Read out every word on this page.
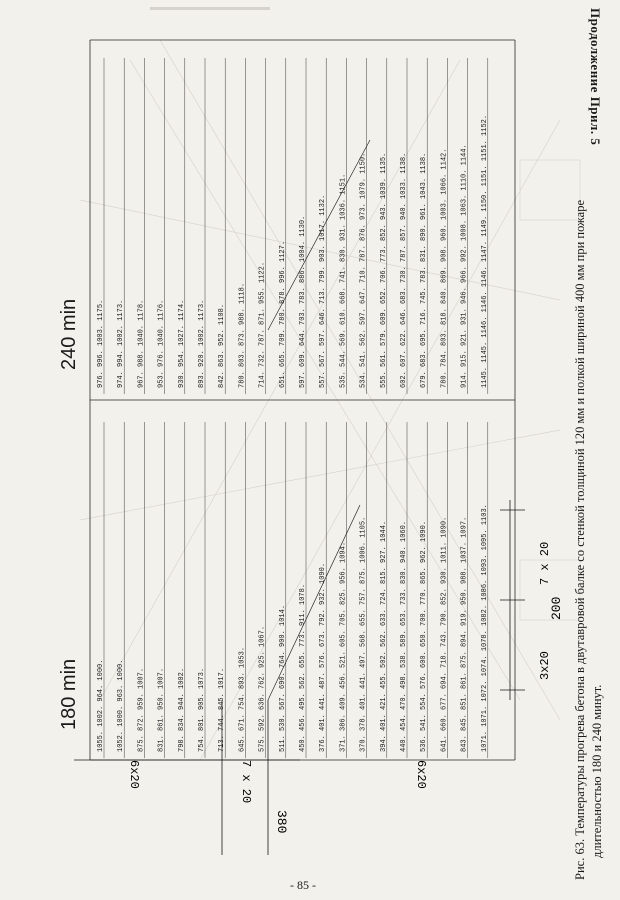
Продолжение Прил. 5
1055. 1002. 964. 1000. 1052. 1000. 963. 1000. 875. 872. 959. 1007. 831. 861. 950. 1007. 798. 834. 944. 1002. 754. 801. 905. 1073. 713. 744. 845. 1017. 645. 671. 754. 893. 1053. 575. 592. 636. 762. 925. 1067. 511. 530. 567. 690. 764. 900. 1014. 450. 456. 495. 562. 655. 773. 911. 1078. 376. 401. 441. 487. 576. 673. 792. 932. 1090. 371. 386. 409. 456. 521. 605. 705. 825. 956. 1094. 370. 378. 401. 441. 497. 568. 655. 757. 875. 1006. 1105. 394. 401. 421. 455. 502. 562. 633. 724. 815. 927. 1044. 440. 454. 470. 498. 538. 589. 653. 733. 830. 940. 1060. 536. 541. 554. 576. 600. 650. 700. 770. 865. 962. 1090. 641. 660. 677. 694. 718. 743. 790. 852. 930. 1011. 1090. 843. 845. 851. 861. 875. 894. 919. 950. 988. 1037. 1097. 1071. 1071. 1072. 1074. 1078. 1082. 1086. 1093. 1095. 1103.
976. 996. 1003. 1175. 974. 994. 1002. 1173. 967. 988. 1040. 1178. 953. 976. 1040. 1176. 930. 954. 1027. 1174. 893. 920. 1002. 1173. 842. 863. 952. 1108. 780. 803. 873. 988. 1118. 714. 732. 787. 871. 955. 1122. 651. 665. 709. 780. 878. 996. 1127. 597. 609. 644. 703. 783. 886. 1004. 1130. 557. 567. 597. 646. 713. 799. 903. 1017. 1132. 535. 544. 569. 610. 668. 741. 830. 931. 1036. 1151. 534. 541. 562. 597. 647. 710. 787. 876. 973. 1079. 1150. 555. 561. 579. 609. 652. 706. 773. 852. 943. 1039. 1135. 602. 607. 622. 646. 683. 730. 787. 857. 940. 1033. 1138. 679. 683. 695. 716. 745. 783. 831. 890. 961. 1043. 1138. 780. 784. 803. 818. 840. 869. 908. 960. 1003. 1066. 1142. 914. 915. 921. 931. 946. 966. 992. 1008. 1063. 1110. 1144. 1145. 1145. 1146. 1146. 1146. 1147. 1149. 1150. 1151. 1151. 1152.
180 min
240 min
380
6x20	7 x 20	6x20
200
3x20
7 x 20
Рис. 63. Температуры прогрева бетона в двутавровой балке со стенкой толщиной 120 мм и полкой шириной 400 мм при пожаре длительностью 180 и 240 минут.
- 85 -
